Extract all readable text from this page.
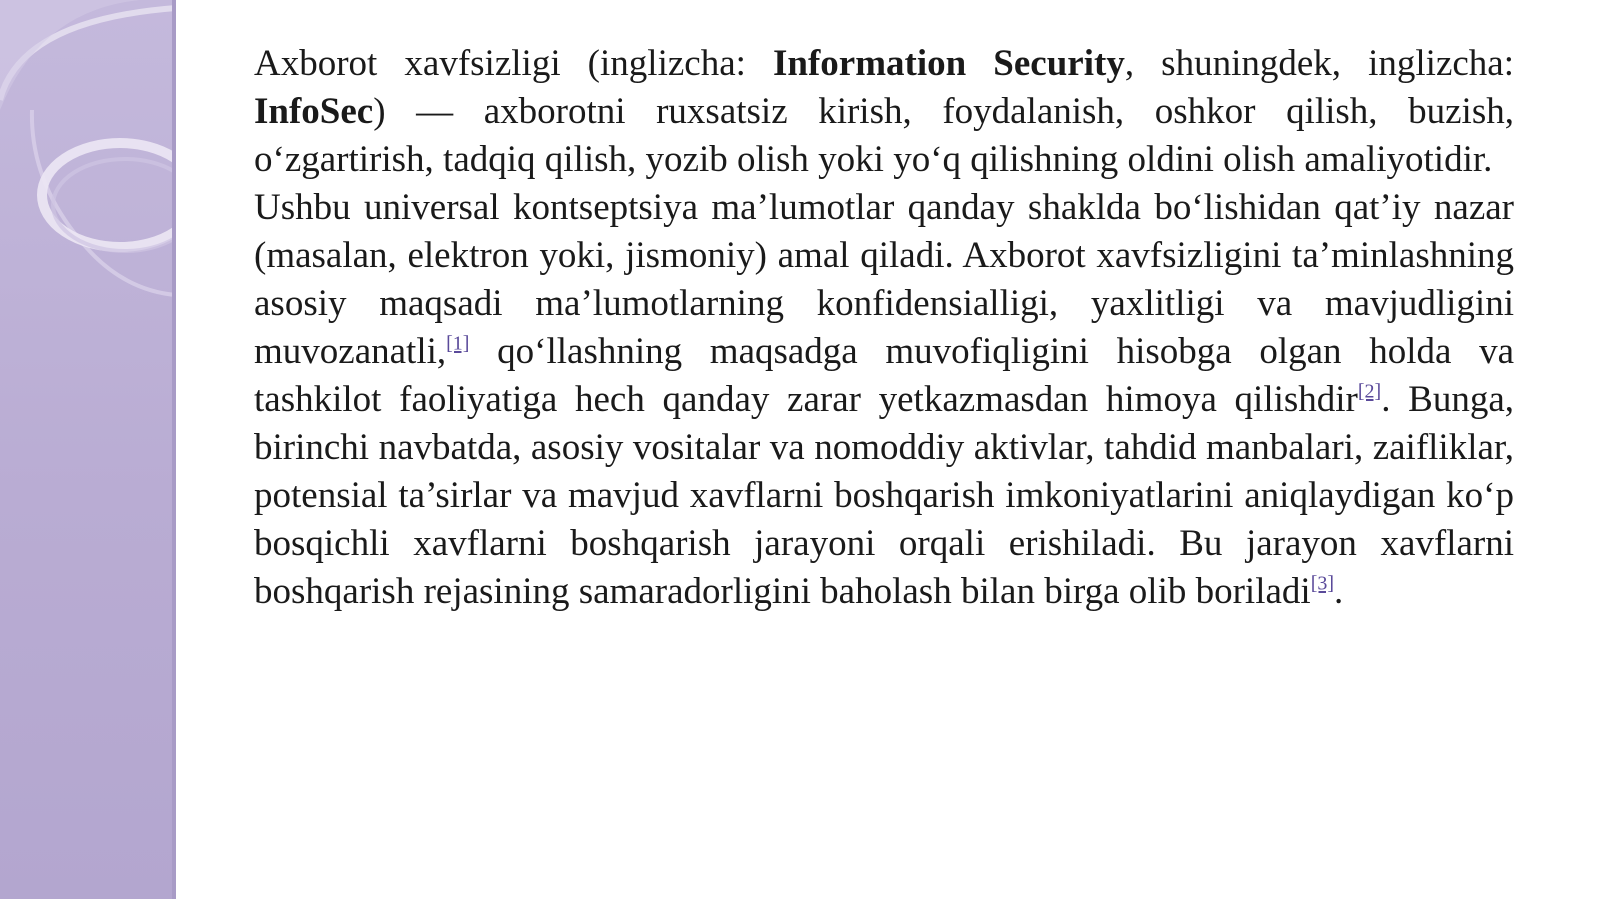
Axborot xavfsizligi (inglizcha: Information Security, shuningdek, inglizcha: InfoSec) — axborotni ruxsatsiz kirish, foydalanish, oshkor qilish, buzish, o‘zgartirish, tadqiq qilish, yozib olish yoki yo‘q qilishning oldini olish amaliyotidir.

Ushbu universal kontseptsiya ma’lumotlar qanday shaklda bo‘lishidan qat’iy nazar (masalan, elektron yoki, jismoniy) amal qiladi. Axborot xavfsizligini ta’minlashning asosiy maqsadi ma’lumotlarning konfidensialligi, yaxlitligi va mavjudligini muvozanatli,[1] qo‘llashning maqsadga muvofiqligini hisobga olgan holda va tashkilot faoliyatiga hech qanday zarar yetkazmasdan himoya qilishdir[2]. Bunga, birinchi navbatda, asosiy vositalar va nomoddiy aktivlar, tahdid manbalari, zaifliklar, potensial ta’sirlar va mavjud xavflarni boshqarish imkoniyatlarini aniqlaydigan ko‘p bosqichli xavflarni boshqarish jarayoni orqali erishiladi. Bu jarayon xavflarni boshqarish rejasining samaradorligini baholash bilan birga olib boriladi[3].
